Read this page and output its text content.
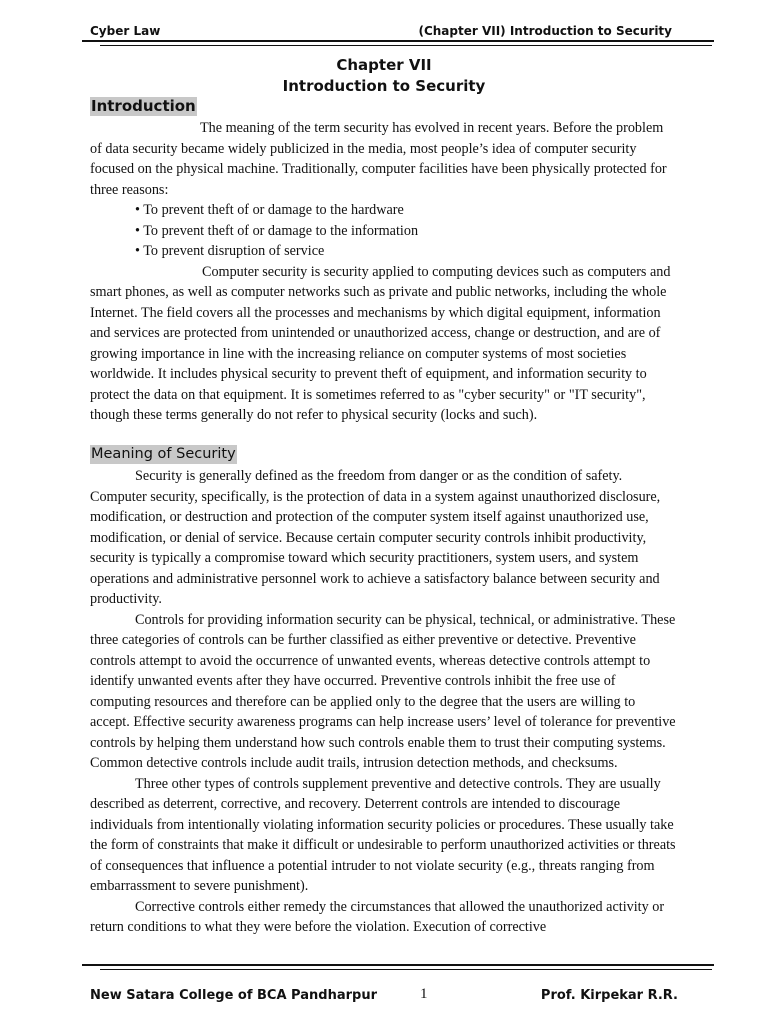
Cyber Law	(Chapter VII) Introduction to Security
Chapter VII
Introduction to Security
Introduction

The meaning of the term security has evolved in recent years. Before the problem of data security became widely publicized in the media, most people’s idea of computer security focused on the physical machine. Traditionally, computer facilities have been physically protected for three reasons:

• To prevent theft of or damage to the hardware

• To prevent theft of or damage to the information

• To prevent disruption of service

Computer security is security applied to computing devices such as computers and smart phones, as well as computer networks such as private and public networks, including the whole Internet. The field covers all the processes and mechanisms by which digital equipment, information and services are protected from unintended or unauthorized access, change or destruction, and are of growing importance in line with the increasing reliance on computer systems of most societies worldwide. It includes physical security to prevent theft of equipment, and information security to protect the data on that equipment. It is sometimes referred to as "cyber security" or "IT security", though these terms generally do not refer to physical security (locks and such).

Meaning of Security

Security is generally defined as the freedom from danger or as the condition of safety. Computer security, specifically, is the protection of data in a system against unauthorized disclosure, modification, or destruction and protection of the computer system itself against unauthorized use, modification, or denial of service. Because certain computer security controls inhibit productivity, security is typically a compromise toward which security practitioners, system users, and system operations and administrative personnel work to achieve a satisfactory balance between security and productivity.

Controls for providing information security can be physical, technical, or administrative. These three categories of controls can be further classified as either preventive or detective. Preventive controls attempt to avoid the occurrence of unwanted events, whereas detective controls attempt to identify unwanted events after they have occurred. Preventive controls inhibit the free use of computing resources and therefore can be applied only to the degree that the users are willing to accept. Effective security awareness programs can help increase users’ level of tolerance for preventive controls by helping them understand how such controls enable them to trust their computing systems. Common detective controls include audit trails, intrusion detection methods, and checksums.

Three other types of controls supplement preventive and detective controls. They are usually described as deterrent, corrective, and recovery. Deterrent controls are intended to discourage individuals from intentionally violating information security policies or procedures. These usually take the form of constraints that make it difficult or undesirable to perform unauthorized activities or threats of consequences that influence a potential intruder to not violate security (e.g., threats ranging from embarrassment to severe punishment).

Corrective controls either remedy the circumstances that allowed the unauthorized activity or return conditions to what they were before the violation. Execution of corrective

New Satara College of BCA Pandharpur	1	Prof. Kirpekar R.R.
